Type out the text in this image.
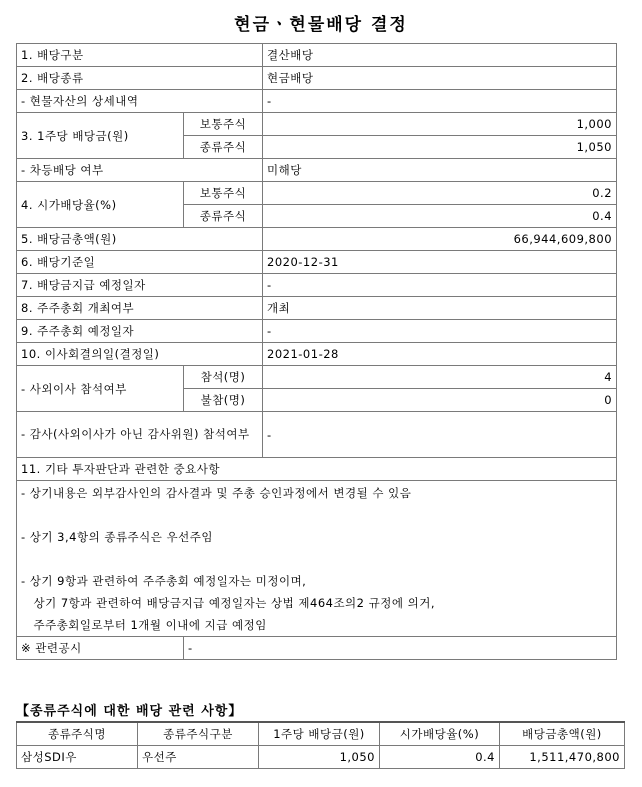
현금ㆍ현물배당 결정
1. 배당구분		결산배당
2. 배당종류		현금배당
- 현물자산의 상세내역		-
3. 1주당 배당금(원)	보통주식	1,000
	종류주식	1,050
- 차등배당 여부		미해당
4. 시가배당율(%)	보통주식	0.2
	종류주식	0.4
5. 배당금총액(원)		66,944,609,800
6. 배당기준일		2020-12-31
7. 배당금지급 예정일자		-
8. 주주총회 개최여부		개최
9. 주주총회 예정일자		-
10. 이사회결의일(결정일)		2021-01-28
- 사외이사 참석여부	참석(명)	4
	불참(명)	0
- 감사(사외이사가 아닌 감사위원) 참석여부		-
11. 기타 투자판단과 관련한 중요사항		
- 상기내용은 외부감사인의 감사결과 및 주총 승인과정에서 변경될 수 있음

- 상기 3,4항의 종류주식은 우선주임

- 상기 9항과 관련하여 주주총회 예정일자는 미정이며,
상기 7항과 관련하여 배당금지급 예정일자는 상법 제464조의2 규정에 의거,
주주총회일로부터 1개월 이내에 지급 예정임		
※ 관련공시	-	
【종류주식에 대한 배당 관련 사항】
종류주식명	종류주식구분	1주당 배당금(원)	시가배당율(%)	배당금총액(원)
삼성SDI우	우선주	1,050	0.4	1,511,470,800
